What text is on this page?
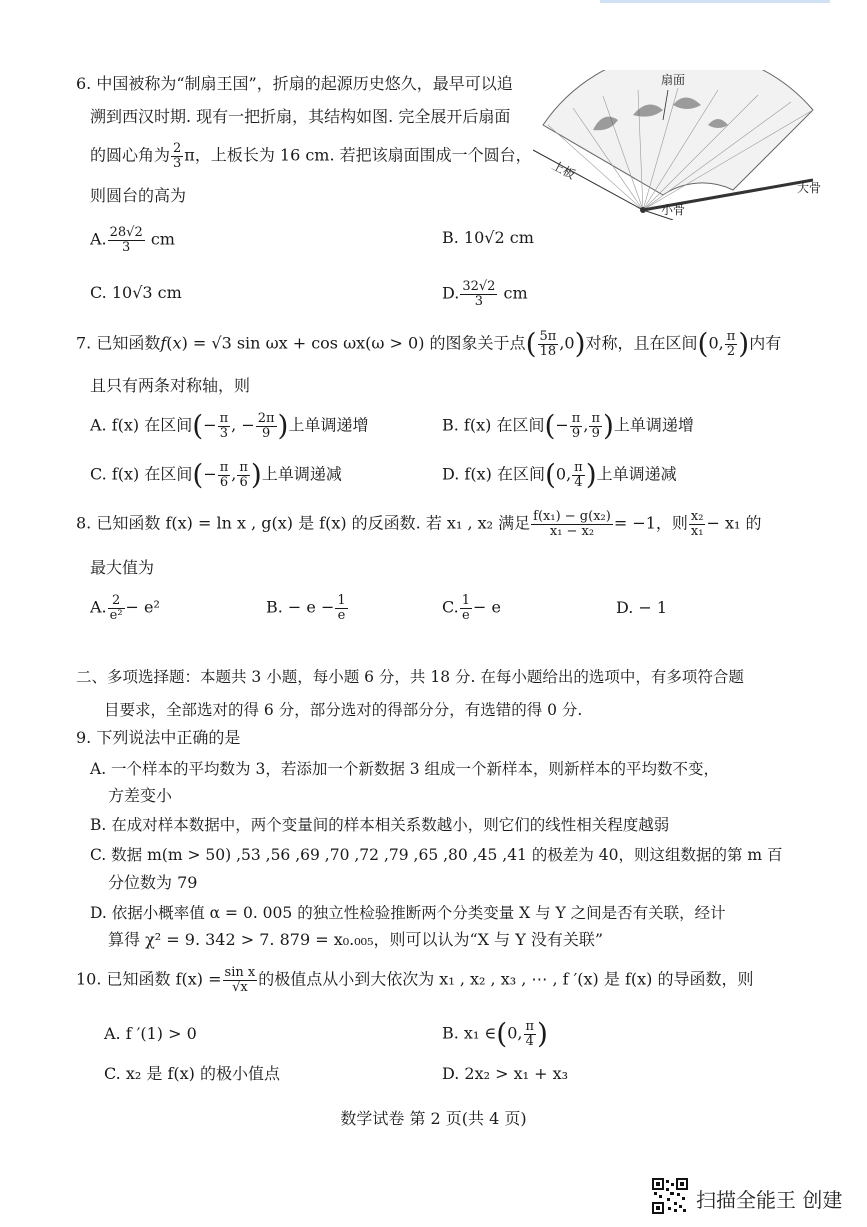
6. 中国被称为“制扇王国”，折扇的起源历史悠久，最早可以追
溯到西汉时期. 现有一把折扇，其结构如图. 完全展开后扇面
的圆心角为 $\frac{2}{3}$ π，上板长为 16 cm. 若把该扇面围成一个圆台，
则圆台的高为
扇面
上板
小骨
大骨
A. $\frac{28√2}{3}$ cm	B. 10√2 cm
C. 10√3 cm	D. $\frac{32√2}{3}$ cm
7. 已知函数f(x) = √3 sin ωx + cos ωx(ω > 0) 的图象关于点( $\frac{5\pi}{18} ,0$)对称，且在区间(0, $\frac{\pi}{2}$ )内有
且只有两条对称轴，则
A. f(x) 在区间(− $\frac{\pi}{3}$ , − $\frac{2\pi}{9}$ )上单调递增	B. f(x) 在区间(− $\frac{\pi}{9}$ , $\frac{\pi}{9}$ )上单调递增
C. f(x) 在区间(− $\frac{\pi}{6}$ , $\frac{\pi}{6}$ )上单调递减	D. f(x) 在区间(0, $\frac{\pi}{4}$ )上单调递减
8. 已知函数 f(x) = ln x , g(x) 是 f(x) 的反函数. 若 x₁ , x₂ 满足 $\frac{\text{f(x₁) − g(x₂)}}{\text{x₁ − x₂}} = -1$，则 $\frac{\text{x₂}}{\text{x₁}} - x_1$ 的
最大值为
A. $\frac{2}{\text{e²}} - e^2$	B. − $e - \frac{1}{e}$	C. $\frac{1}{e} - e$	D. − 1
二、多项选择题：本题共 3 小题，每小题 6 分，共 18 分. 在每小题给出的选项中，有多项符合题
目要求，全部选对的得 6 分，部分选对的得部分分，有选错的得 0 分.
9. 下列说法中正确的是
A. 一个样本的平均数为 3，若添加一个新数据 3 组成一个新样本，则新样本的平均数不变，
方差变小
B. 在成对样本数据中，两个变量间的样本相关系数越小，则它们的线性相关程度越弱
C. 数据 m(m > 50) ,53 ,56 ,69 ,70 ,72 ,79 ,65 ,80 ,45 ,41 的极差为 40，则这组数据的第 m 百
分位数为 79
D. 依据小概率值 α = 0. 005 的独立性检验推断两个分类变量 X 与 Y 之间是否有关联，经计
算得 χ² = 9. 342 > 7. 879 = x₀.₀₀₅，则可以认为“X 与 Y 没有关联”
10. 已知函数 $f(x) = \frac{\text{sin x}}{√x}$ 的极值点从小到大依次为 x₁ , x₂ , x₃ , ⋯ , f ′(x) 是 f(x) 的导函数，则
A. f ′(1) > 0	B. x₁ ∈(0, $\frac{\pi}{4}$ )
C. x₂ 是 f(x) 的极小值点	D. 2x₂ > x₁ + x₃
数学试卷 第 2 页(共 4 页)
扫描全能王 创建
